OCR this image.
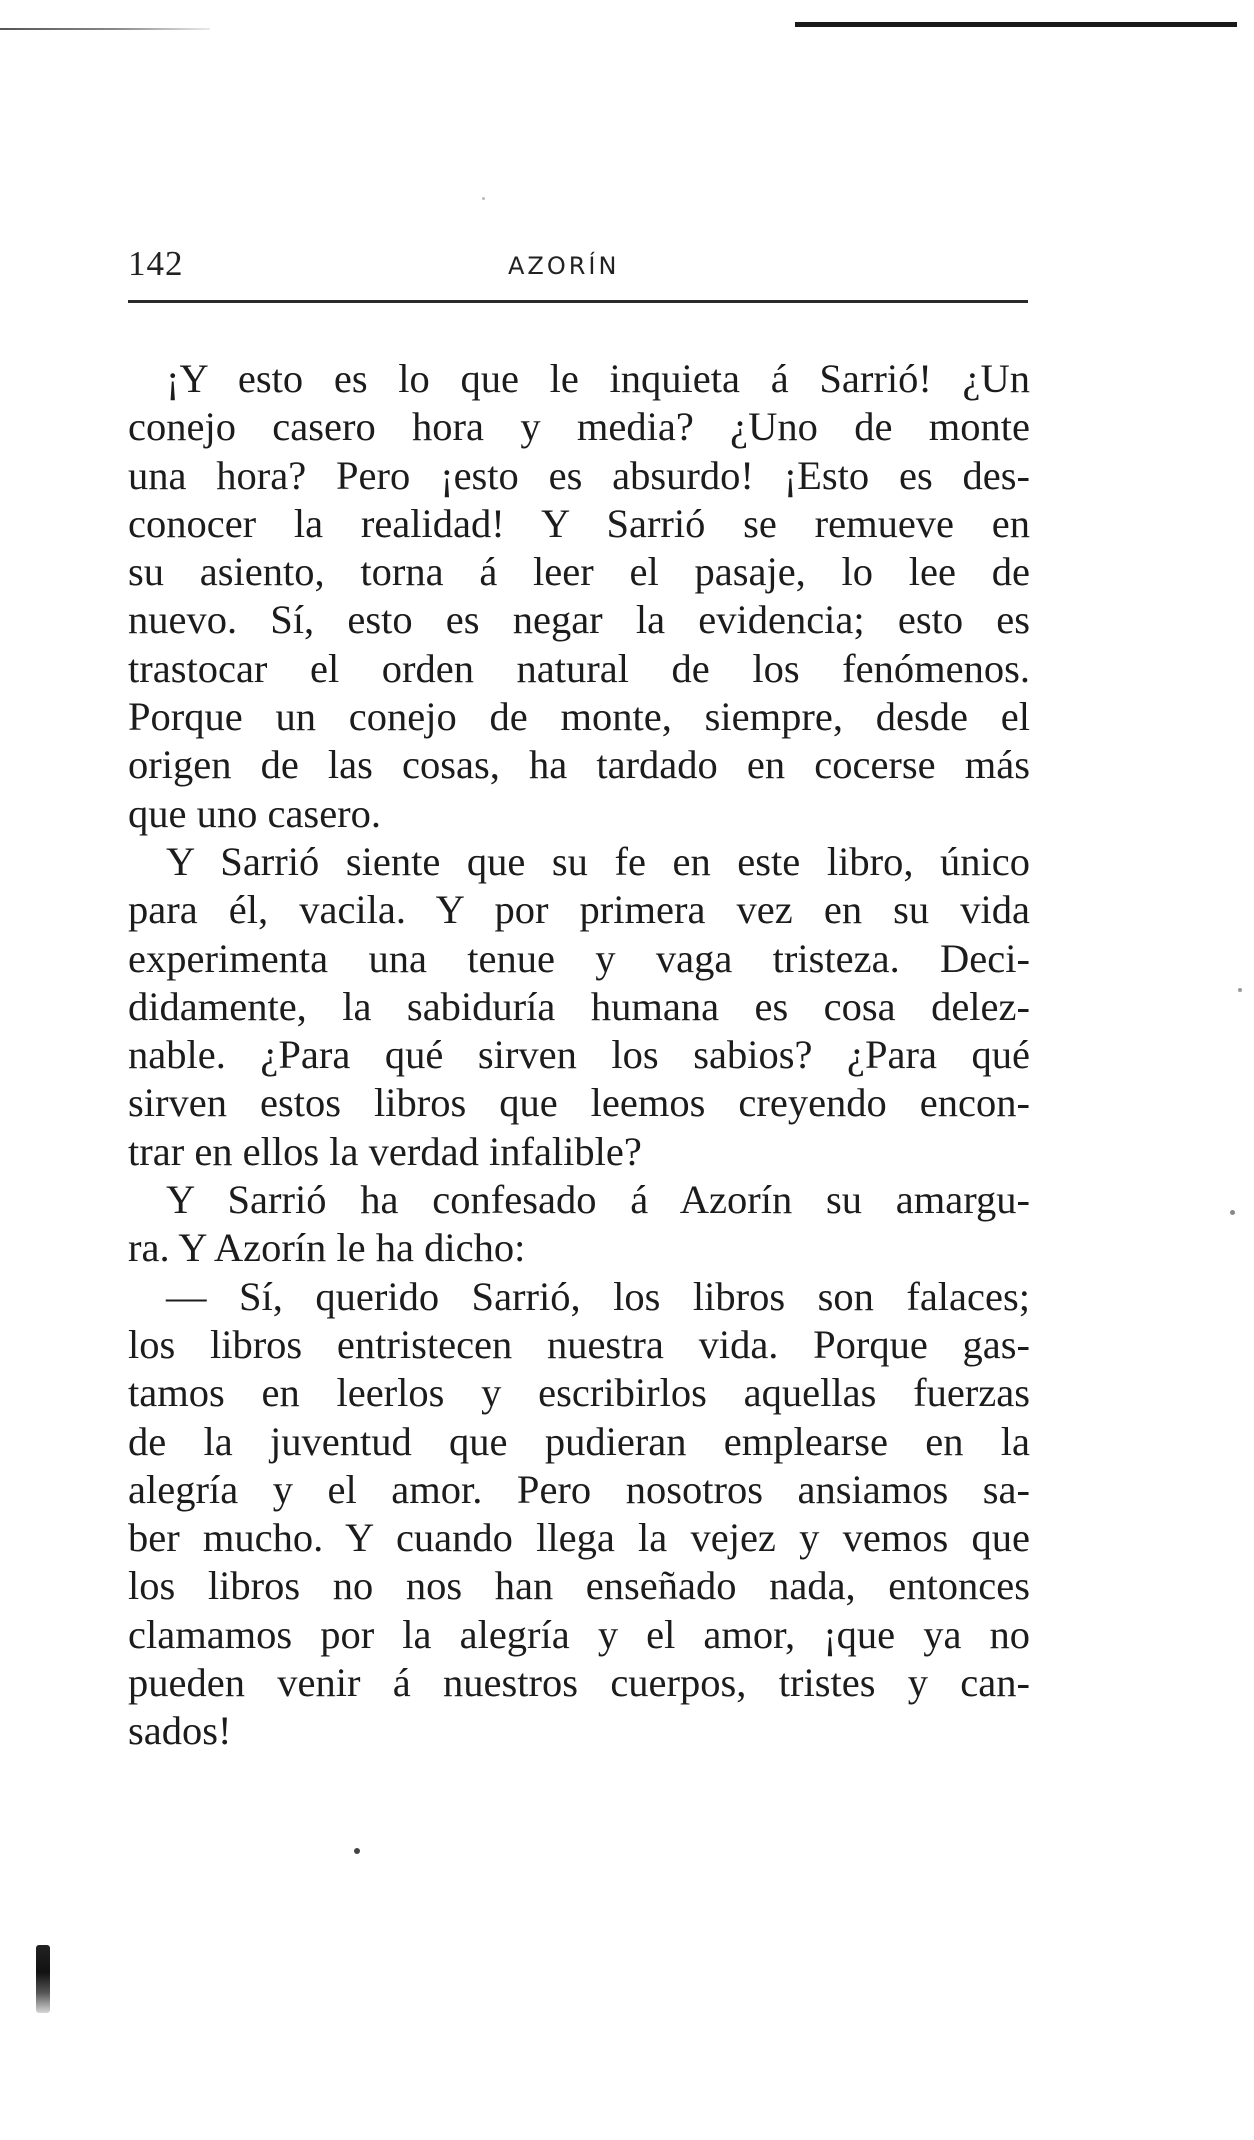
142	AZORÍN
¡Y esto es lo que le inquieta á Sarrió! ¿Un
conejo casero hora y media? ¿Uno de monte
una hora? Pero ¡esto es absurdo! ¡Esto es des-
conocer la realidad! Y Sarrió se remueve en
su asiento, torna á leer el pasaje, lo lee de
nuevo. Sí, esto es negar la evidencia; esto es
trastocar el orden natural de los fenómenos.
Porque un conejo de monte, siempre, desde el
origen de las cosas, ha tardado en cocerse más
que uno casero.
Y Sarrió siente que su fe en este libro, único
para él, vacila. Y por primera vez en su vida
experimenta una tenue y vaga tristeza. Deci-
didamente, la sabiduría humana es cosa delez-
nable. ¿Para qué sirven los sabios? ¿Para qué
sirven estos libros que leemos creyendo encon-
trar en ellos la verdad infalible?
Y Sarrió ha confesado á Azorín su amargu-
ra. Y Azorín le ha dicho:
— Sí, querido Sarrió, los libros son falaces;
los libros entristecen nuestra vida. Porque gas-
tamos en leerlos y escribirlos aquellas fuerzas
de la juventud que pudieran emplearse en la
alegría y el amor. Pero nosotros ansiamos sa-
ber mucho. Y cuando llega la vejez y vemos que
los libros no nos han enseñado nada, entonces
clamamos por la alegría y el amor, ¡que ya no
pueden venir á nuestros cuerpos, tristes y can-
sados!
